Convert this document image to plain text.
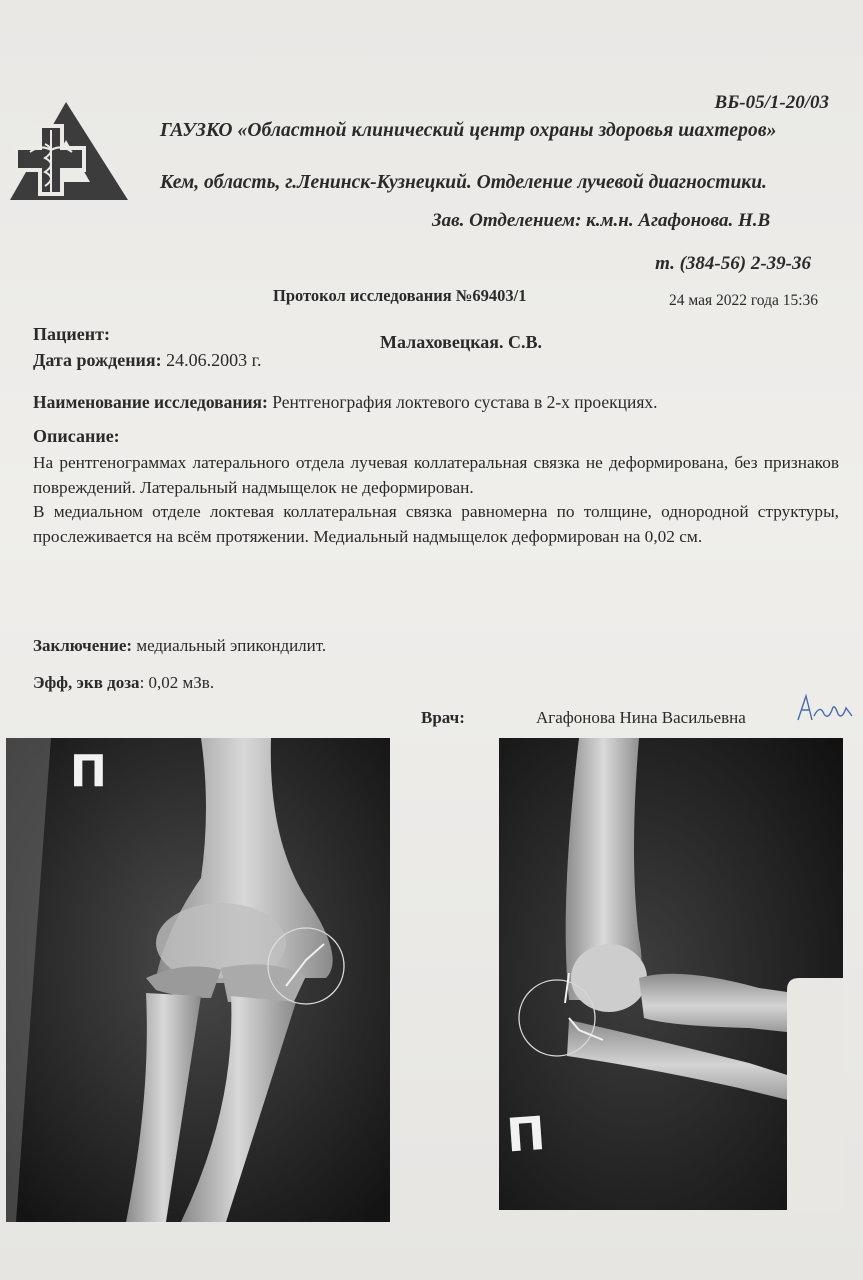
ВБ-05/1-20/03
ГАУЗКО «Областной клинический центр охраны здоровья шахтеров»
Кем, область, г.Ленинск-Кузнецкий. Отделение лучевой диагностики.
Зав. Отделением: к.м.н. Агафонова. Н.В
т. (384-56) 2-39-36
Протокол исследования №69403/1	24 мая 2022 года 15:36
Пациент:	Малаховецкая. С.В.
Дата рождения: 24.06.2003 г.
Наименование исследования: Рентгенография локтевого сустава в 2-х проекциях.
Описание:

На рентгенограммах латерального отдела лучевая коллатеральная связка не деформирована, без признаков повреждений. Латеральный надмыщелок не деформирован.

В медиальном отделе локтевая коллатеральная связка равномерна по толщине, однородной структуры, прослеживается на всём протяжении. Медиальный надмыщелок деформирован на 0,02 см.

Заключение: медиальный эпикондилит.
Эфф, экв доза: 0,02 мЗв.
Врач:	Агафонова Нина Васильевна
П
П
